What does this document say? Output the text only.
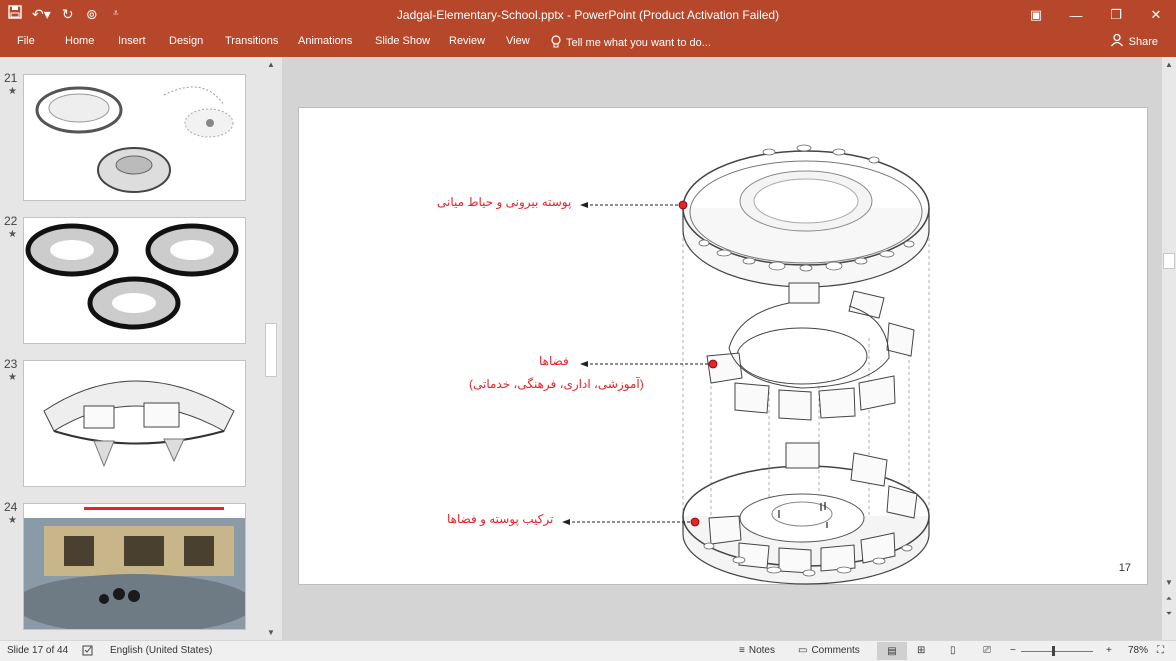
↶▾ ↻ ⊚	⩡	Jadgal-Elementary-School.pptx - PowerPoint (Product Activation Failed)	▣	—	❐	✕
File	Home Insert Design Transitions Animations Slide Show Review View	Tell me what you want to do...	Share
21
★
22
★
23
★
24
★
▲
▼
پوسته بیرونی و حیاط میانی
فضاها
(آموزشی، اداری، فرهنگی، خدماتی)
ترکیب پوسته و فضاها
17
▲
▼
⏶
⏷
Slide 17 of 44	English (United States)	≡ Notes ▭ Comments	▤	⊞ ▯	⎚ −	+ 78% ⛶
